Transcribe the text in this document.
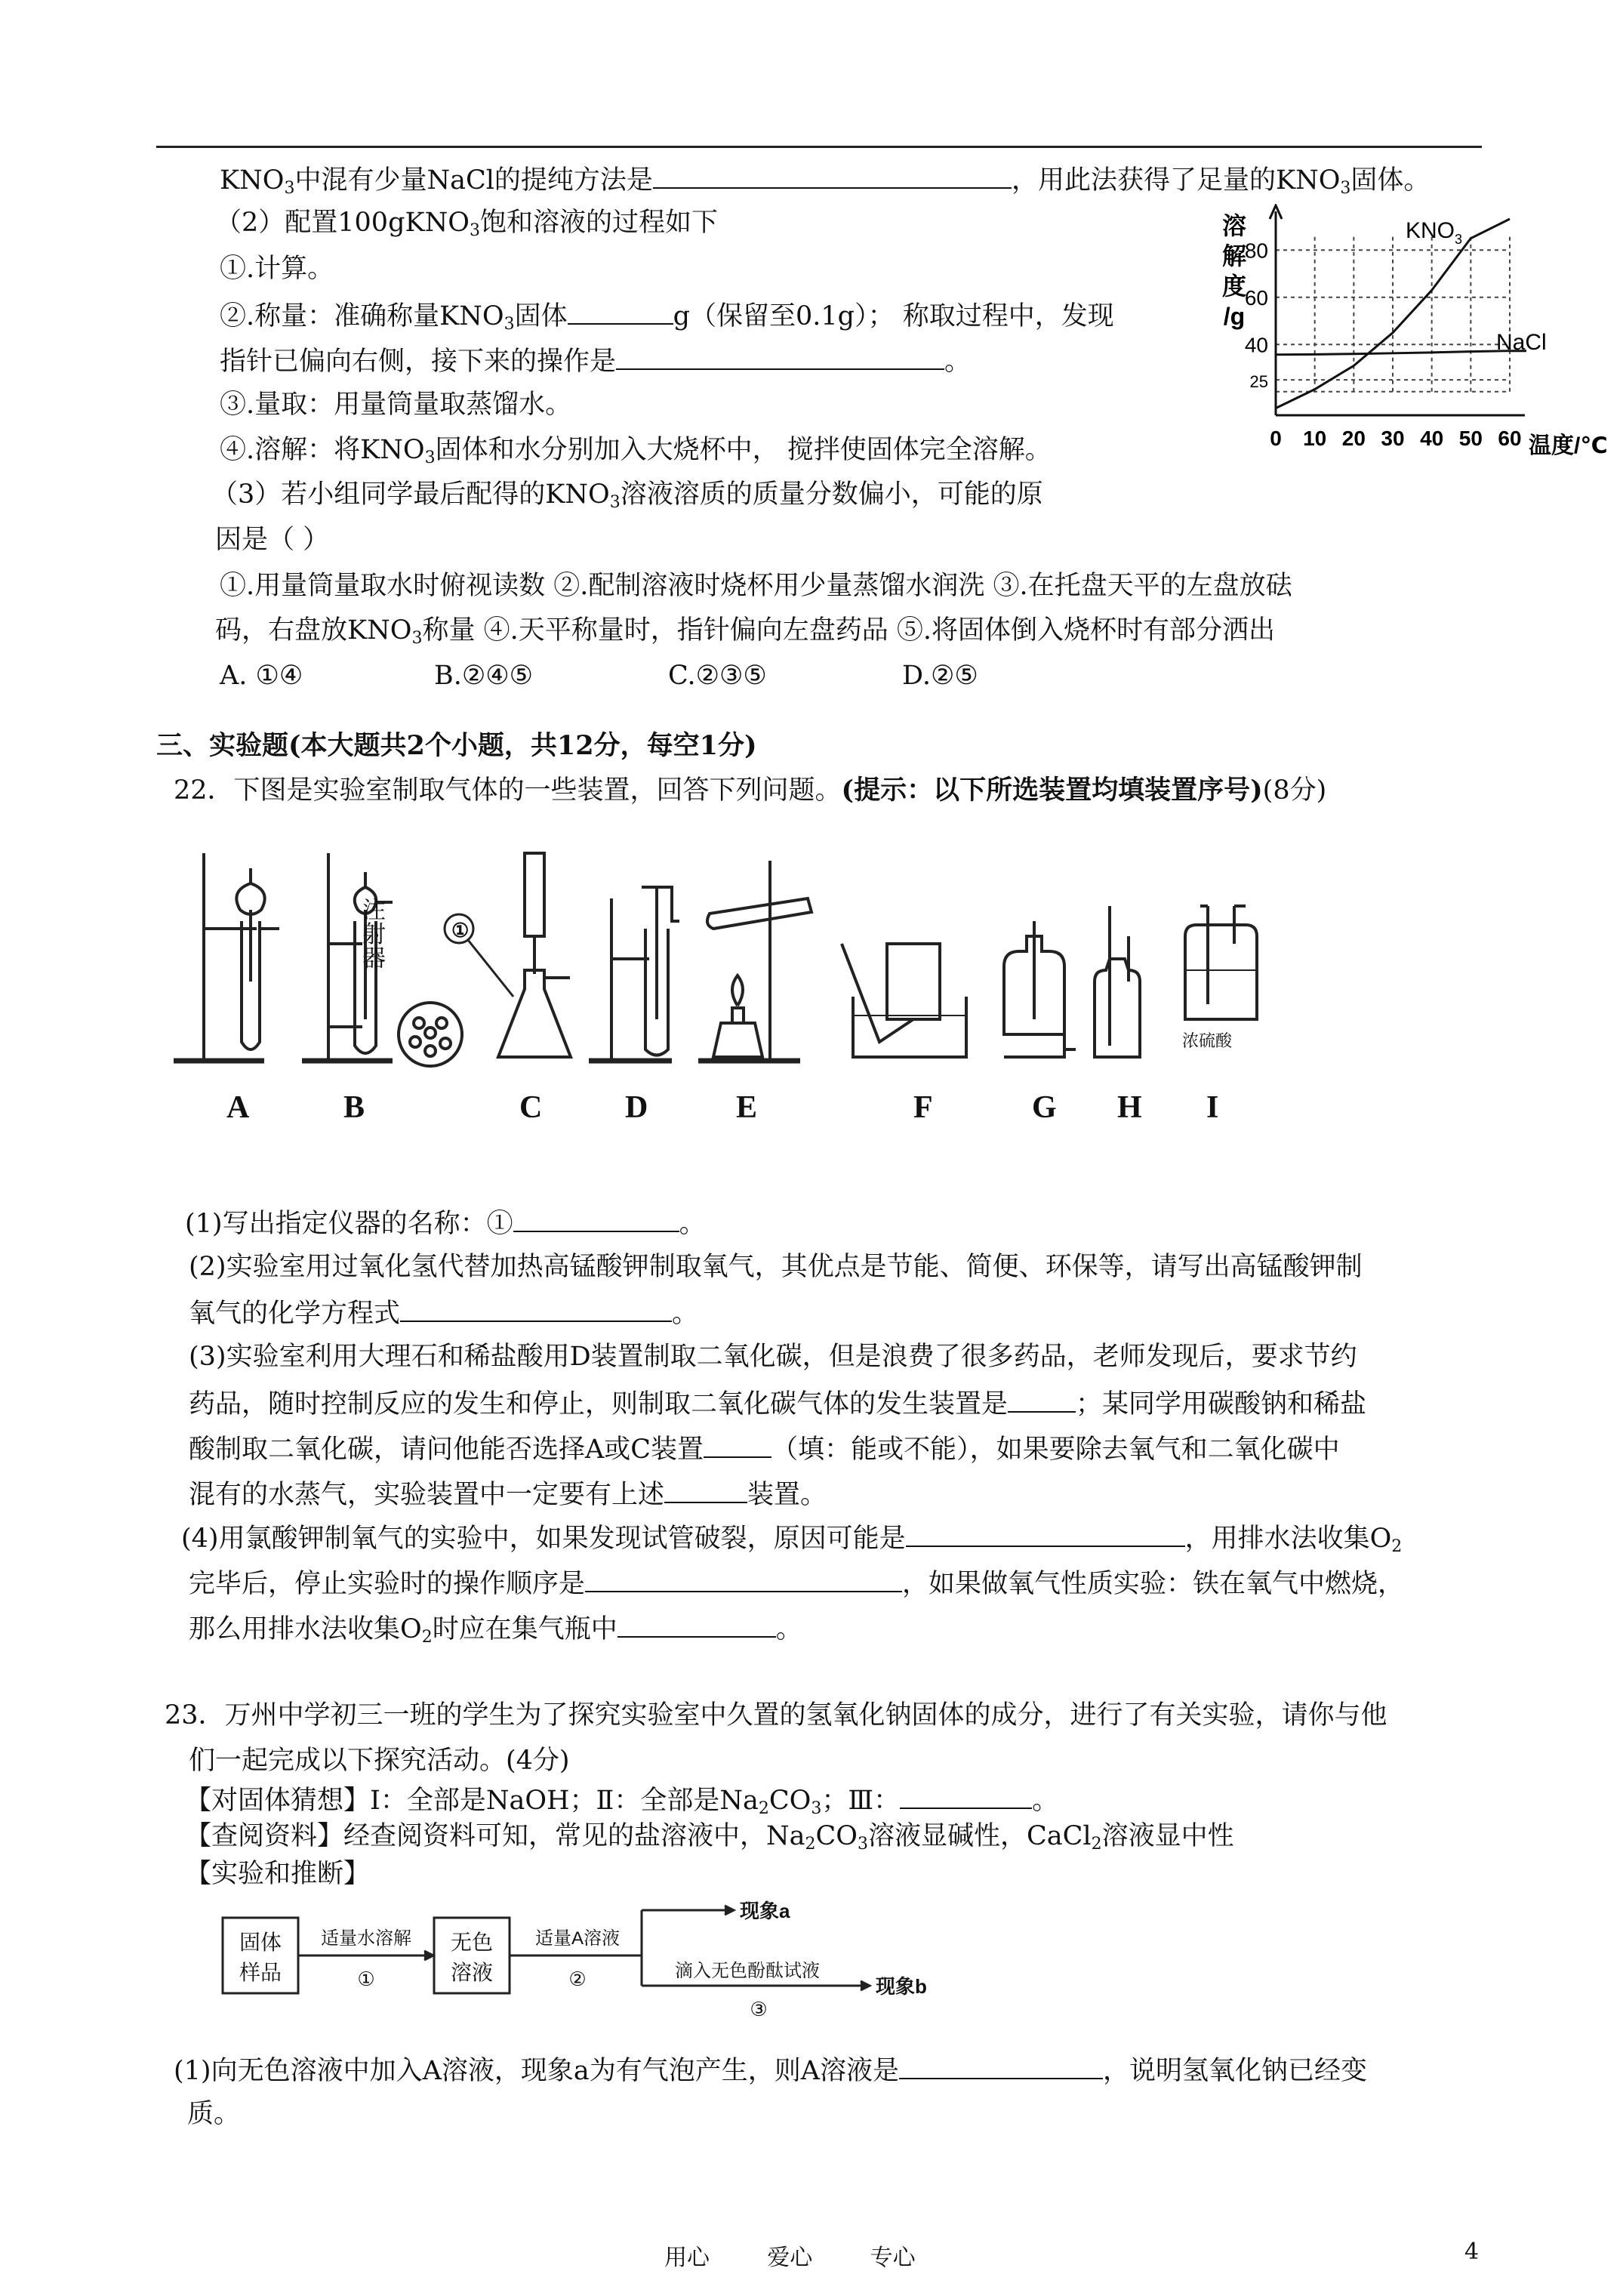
$KNO_3$中混有少量NaCl的提纯方法是	，用此法获得了足量的$KNO_3$固体。
（2）配置100gKNO$_3$饱和溶液的过程如下
①.计算。
②.称量：准确称量$KNO_3$固体	g（保留至0.1g）； 称取过程中，发现
指针已偏向右侧，接下来的操作是	。
③.量取：用量筒量取蒸馏水。
④.溶解：将$KNO_3$固体和水分别加入大烧杯中， 搅拌使固体完全溶解。
（3）若小组同学最后配得的$KNO_3$溶液溶质的质量分数偏小，可能的原
因是（ ）
①.用量筒量取水时俯视读数 ②.配制溶液时烧杯用少量蒸馏水润洗 ③.在托盘天平的左盘放砝
码，右盘放$KNO_3$称量 ④.天平称量时，指针偏向左盘药品 ⑤.将固体倒入烧杯时有部分洒出
A. ①④	B.②④⑤	C.②③⑤	D.②⑤
溶
解
度
/g
80
60
40
25
0 10 20 30 40 50 60
$KNO_3$
NaCl
温度/℃
三、实验题(本大题共2个小题，共12分，每空1分)
22．下图是实验室制取气体的一些装置，回答下列问题。(提示：以下所选装置均填装置序号)(8分)
注
射
器
①
浓硫酸
A	B	C	D	E	F	G H I
(1)写出指定仪器的名称：①	。
(2)实验室用过氧化氢代替加热高锰酸钾制取氧气，其优点是节能、简便、环保等，请写出高锰酸钾制
氧气的化学方程式	。
(3)实验室利用大理石和稀盐酸用D装置制取二氧化碳，但是浪费了很多药品，老师发现后，要求节约
药品，随时控制反应的发生和停止，则制取二氧化碳气体的发生装置是	；某同学用碳酸钠和稀盐
酸制取二氧化碳，请问他能否选择A或C装置	（填：能或不能），如果要除去氧气和二氧化碳中
混有的水蒸气，实验装置中一定要有上述	装置。
(4)用氯酸钾制氧气的实验中，如果发现试管破裂，原因可能是	，用排水法收集$O_2$
完毕后，停止实验时的操作顺序是	，如果做氧气性质实验：铁在氧气中燃烧，
那么用排水法收集$O_2$时应在集气瓶中	。
23．万州中学初三一班的学生为了探究实验室中久置的氢氧化钠固体的成分，进行了有关实验，请你与他
们一起完成以下探究活动。(4分)
【对固体猜想】Ⅰ：全部是NaOH；Ⅱ：全部是$Na_2CO_3$；Ⅲ：	。
【查阅资料】经查阅资料可知，常见的盐溶液中，$Na_2CO_3$溶液显碱性，CaCl$_2$溶液显中性
【实验和推断】
固体
样品
无色
溶液
适量水溶解
①
适量A溶液
②
现象a
滴入无色酚酞试液
③
现象b
(1)向无色溶液中加入A溶液，现象a为有气泡产生，则A溶液是	，说明氢氧化钠已经变
质。
用心        爱心        专心	4
